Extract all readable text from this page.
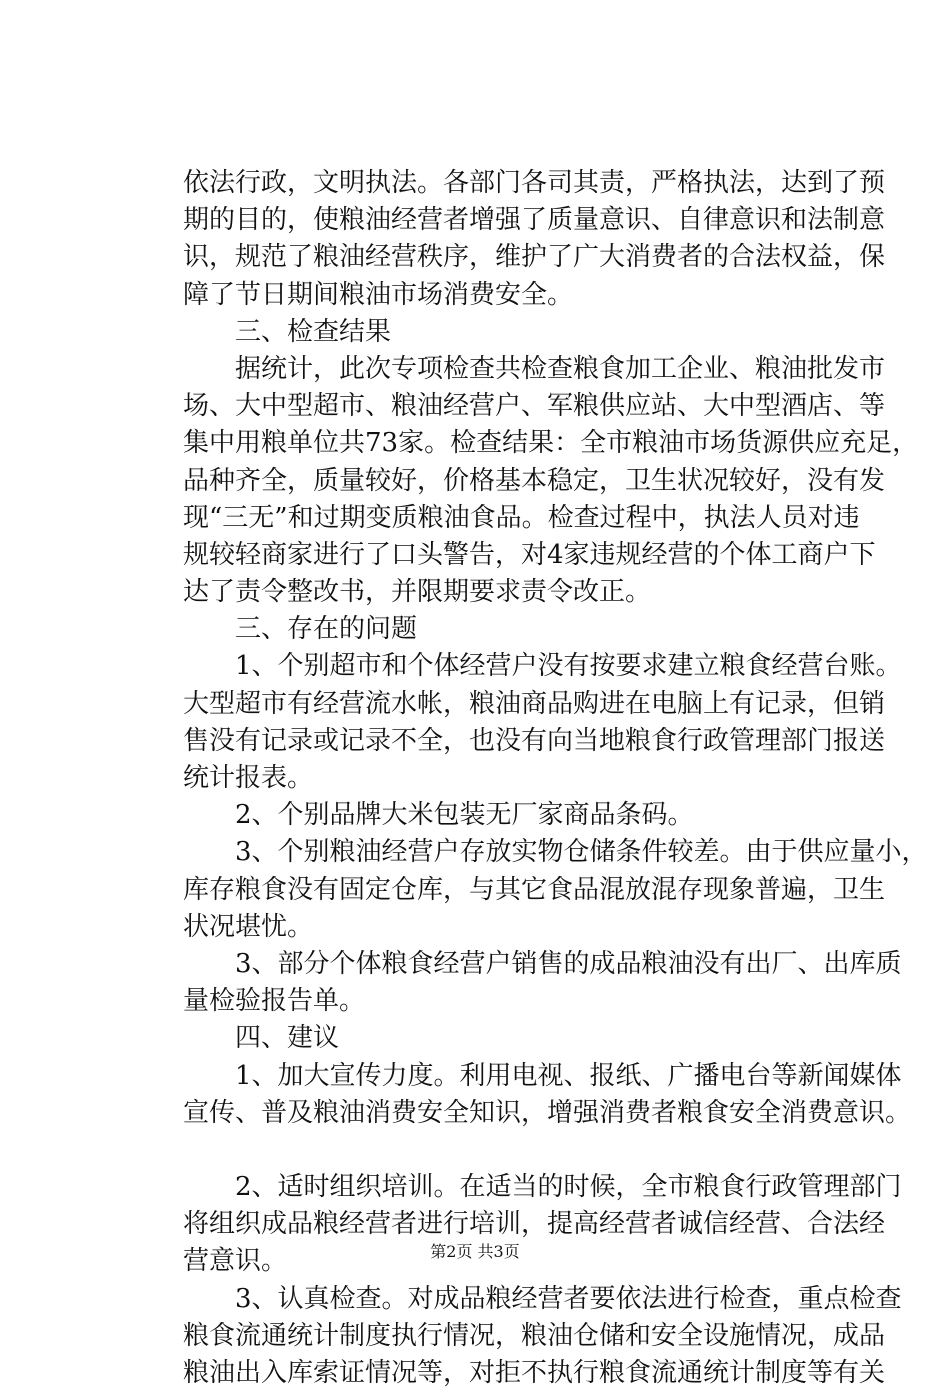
依法行政，文明执法。各部门各司其责，严格执法，达到了预
期的目的，使粮油经营者增强了质量意识、自律意识和法制意
识，规范了粮油经营秩序，维护了广大消费者的合法权益，保
障了节日期间粮油市场消费安全。
　　三、检查结果
　　据统计，此次专项检查共检查粮食加工企业、粮油批发市
场、大中型超市、粮油经营户、军粮供应站、大中型酒店、等
集中用粮单位共73家。检查结果：全市粮油市场货源供应充足，
品种齐全，质量较好，价格基本稳定，卫生状况较好，没有发
现“三无”和过期变质粮油食品。检查过程中，执法人员对违
规较轻商家进行了口头警告，对4家违规经营的个体工商户下
达了责令整改书，并限期要求责令改正。
　　三、存在的问题
　　1、个别超市和个体经营户没有按要求建立粮食经营台账。
大型超市有经营流水帐，粮油商品购进在电脑上有记录，但销
售没有记录或记录不全，也没有向当地粮食行政管理部门报送
统计报表。
　　2、个别品牌大米包装无厂家商品条码。
　　3、个别粮油经营户存放实物仓储条件较差。由于供应量小，
库存粮食没有固定仓库，与其它食品混放混存现象普遍，卫生
状况堪忧。
　　3、部分个体粮食经营户销售的成品粮油没有出厂、出库质
量检验报告单。
　　四、建议
　　1、加大宣传力度。利用电视、报纸、广播电台等新闻媒体
宣传、普及粮油消费安全知识，增强消费者粮食安全消费意识。
　　2、适时组织培训。在适当的时候，全市粮食行政管理部门
将组织成品粮经营者进行培训，提高经营者诚信经营、合法经
营意识。
　　3、认真检查。对成品粮经营者要依法进行检查，重点检查
粮食流通统计制度执行情况，粮油仓储和安全设施情况，成品
粮油出入库索证情况等，对拒不执行粮食流通统计制度等有关
第2页 共3页
